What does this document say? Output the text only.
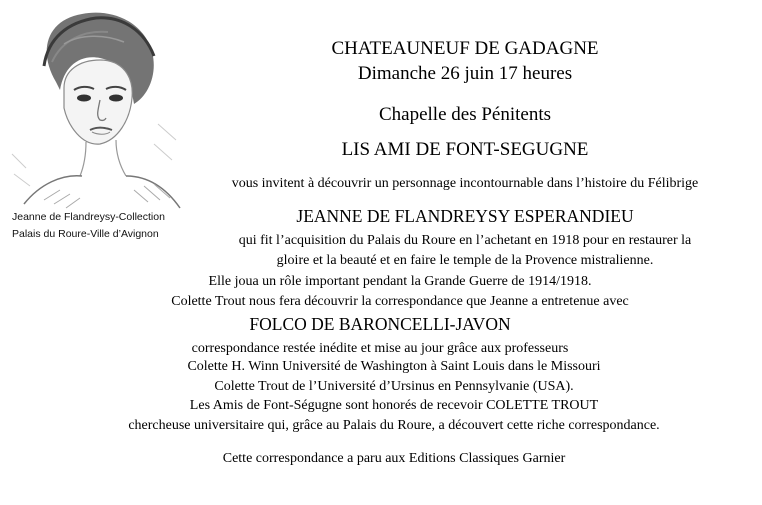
Jeanne de Flandreysy-Collection
Palais du Roure-Ville d’Avignon
CHATEAUNEUF DE GADAGNE
Dimanche 26 juin 17 heures
Chapelle des Pénitents
LIS AMI DE FONT-SEGUGNE
vous invitent à découvrir un personnage incontournable dans l’histoire du Félibrige
JEANNE DE FLANDREYSY ESPERANDIEU
qui fit l’acquisition du Palais du Roure en l’achetant en 1918 pour en restaurer la
gloire et la beauté et en faire le temple de la Provence mistralienne.
Elle joua un rôle important pendant la Grande Guerre de 1914/1918.
Colette Trout nous fera découvrir la correspondance que Jeanne a entretenue avec
FOLCO DE BARONCELLI-JAVON
correspondance restée inédite et mise au jour grâce aux professeurs
Colette H. Winn Université de Washington à Saint Louis dans le Missouri
Colette Trout de l’Université d’Ursinus en Pennsylvanie (USA).
Les Amis de Font-Ségugne sont honorés de recevoir COLETTE TROUT
chercheuse universitaire qui, grâce au Palais du Roure, a découvert cette riche correspondance.
Cette correspondance a paru aux Editions Classiques Garnier
